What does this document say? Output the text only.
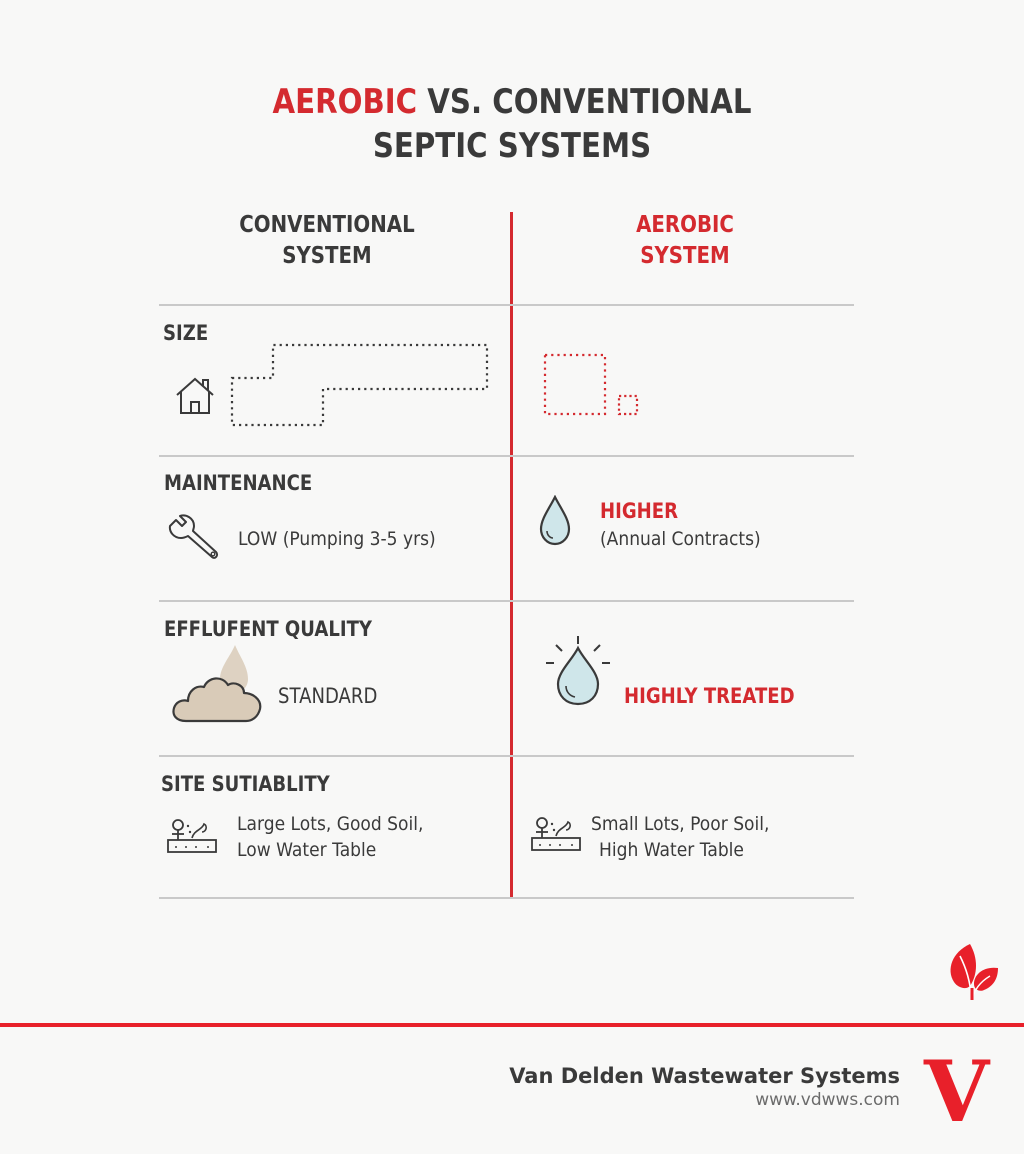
AEROBIC VS. CONVENTIONAL
SEPTIC SYSTEMS
CONVENTIONAL
SYSTEM
AEROBIC
SYSTEM
SIZE
MAINTENANCE
LOW (Pumping 3-5 yrs)
HIGHER
(Annual Contracts)
EFFLUFENT QUALITY
STANDARD	HIGHLY TREATED
SITE SUTIABLITY
Large Lots, Good Soil,
Low Water Table
Small Lots, Poor Soil,
High Water Table
Van Delden Wastewater Systems
www.vdwws.com V
